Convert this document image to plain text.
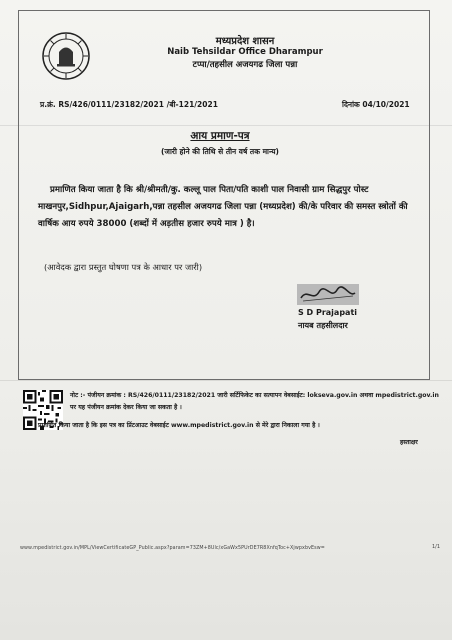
मध्यप्रदेश शासन
Naib Tehsildar Office Dharampur
टप्पा/तहसील अजयगढ जिला पन्ना
प्र.क्रं. RS/426/0111/23182/2021 /बी-121/2021	दिनांक 04/10/2021
आय प्रमाण-पत्र
(जारी होने की तिथि से तीन वर्ष तक मान्य)
प्रमाणित किया जाता है कि श्री/श्रीमती/कु. कल्लू पाल पिता/पति काशी पाल निवासी ग्राम सिद्धपुर पोस्ट माखनपुर,Sidhpur,Ajaigarh,पन्ना तहसील अजयगढ जिला पन्ना (मध्यप्रदेश) की/के परिवार की समस्त स्त्रोतों की वार्षिक आय रुपये 38000 (शब्दों में अड़तीस हजार रुपये मात्र ) है।
(आवेदक द्वारा प्रस्तुत घोषणा पत्र के आधार पर जारी)
S D Prajapati
नायब तहसीलदार
नोट :- पंजीयन क्रमांक : RS/426/0111/23182/2021 जारी सर्टिफिकेट का सत्यापन वेबसाईट: lokseva.gov.in अथवा mpedistrict.gov.in पर यह पंजीयन क्रमांक देकर किया जा सकता है ।
प्रमाणित किया जाता है कि इस पत्र का प्रिंटआउट वेबसाईट www.mpedistrict.gov.in से मेरे द्वारा निकाला गया है ।
हस्ताक्षर
www.mpedistrict.gov.in/MPL/ViewCertificateGP_Public.aspx?param=73ZM+8Ulc/xGaWx5PUrDE7R8XnfqToc+XjwpxbvEsw=	1/1
